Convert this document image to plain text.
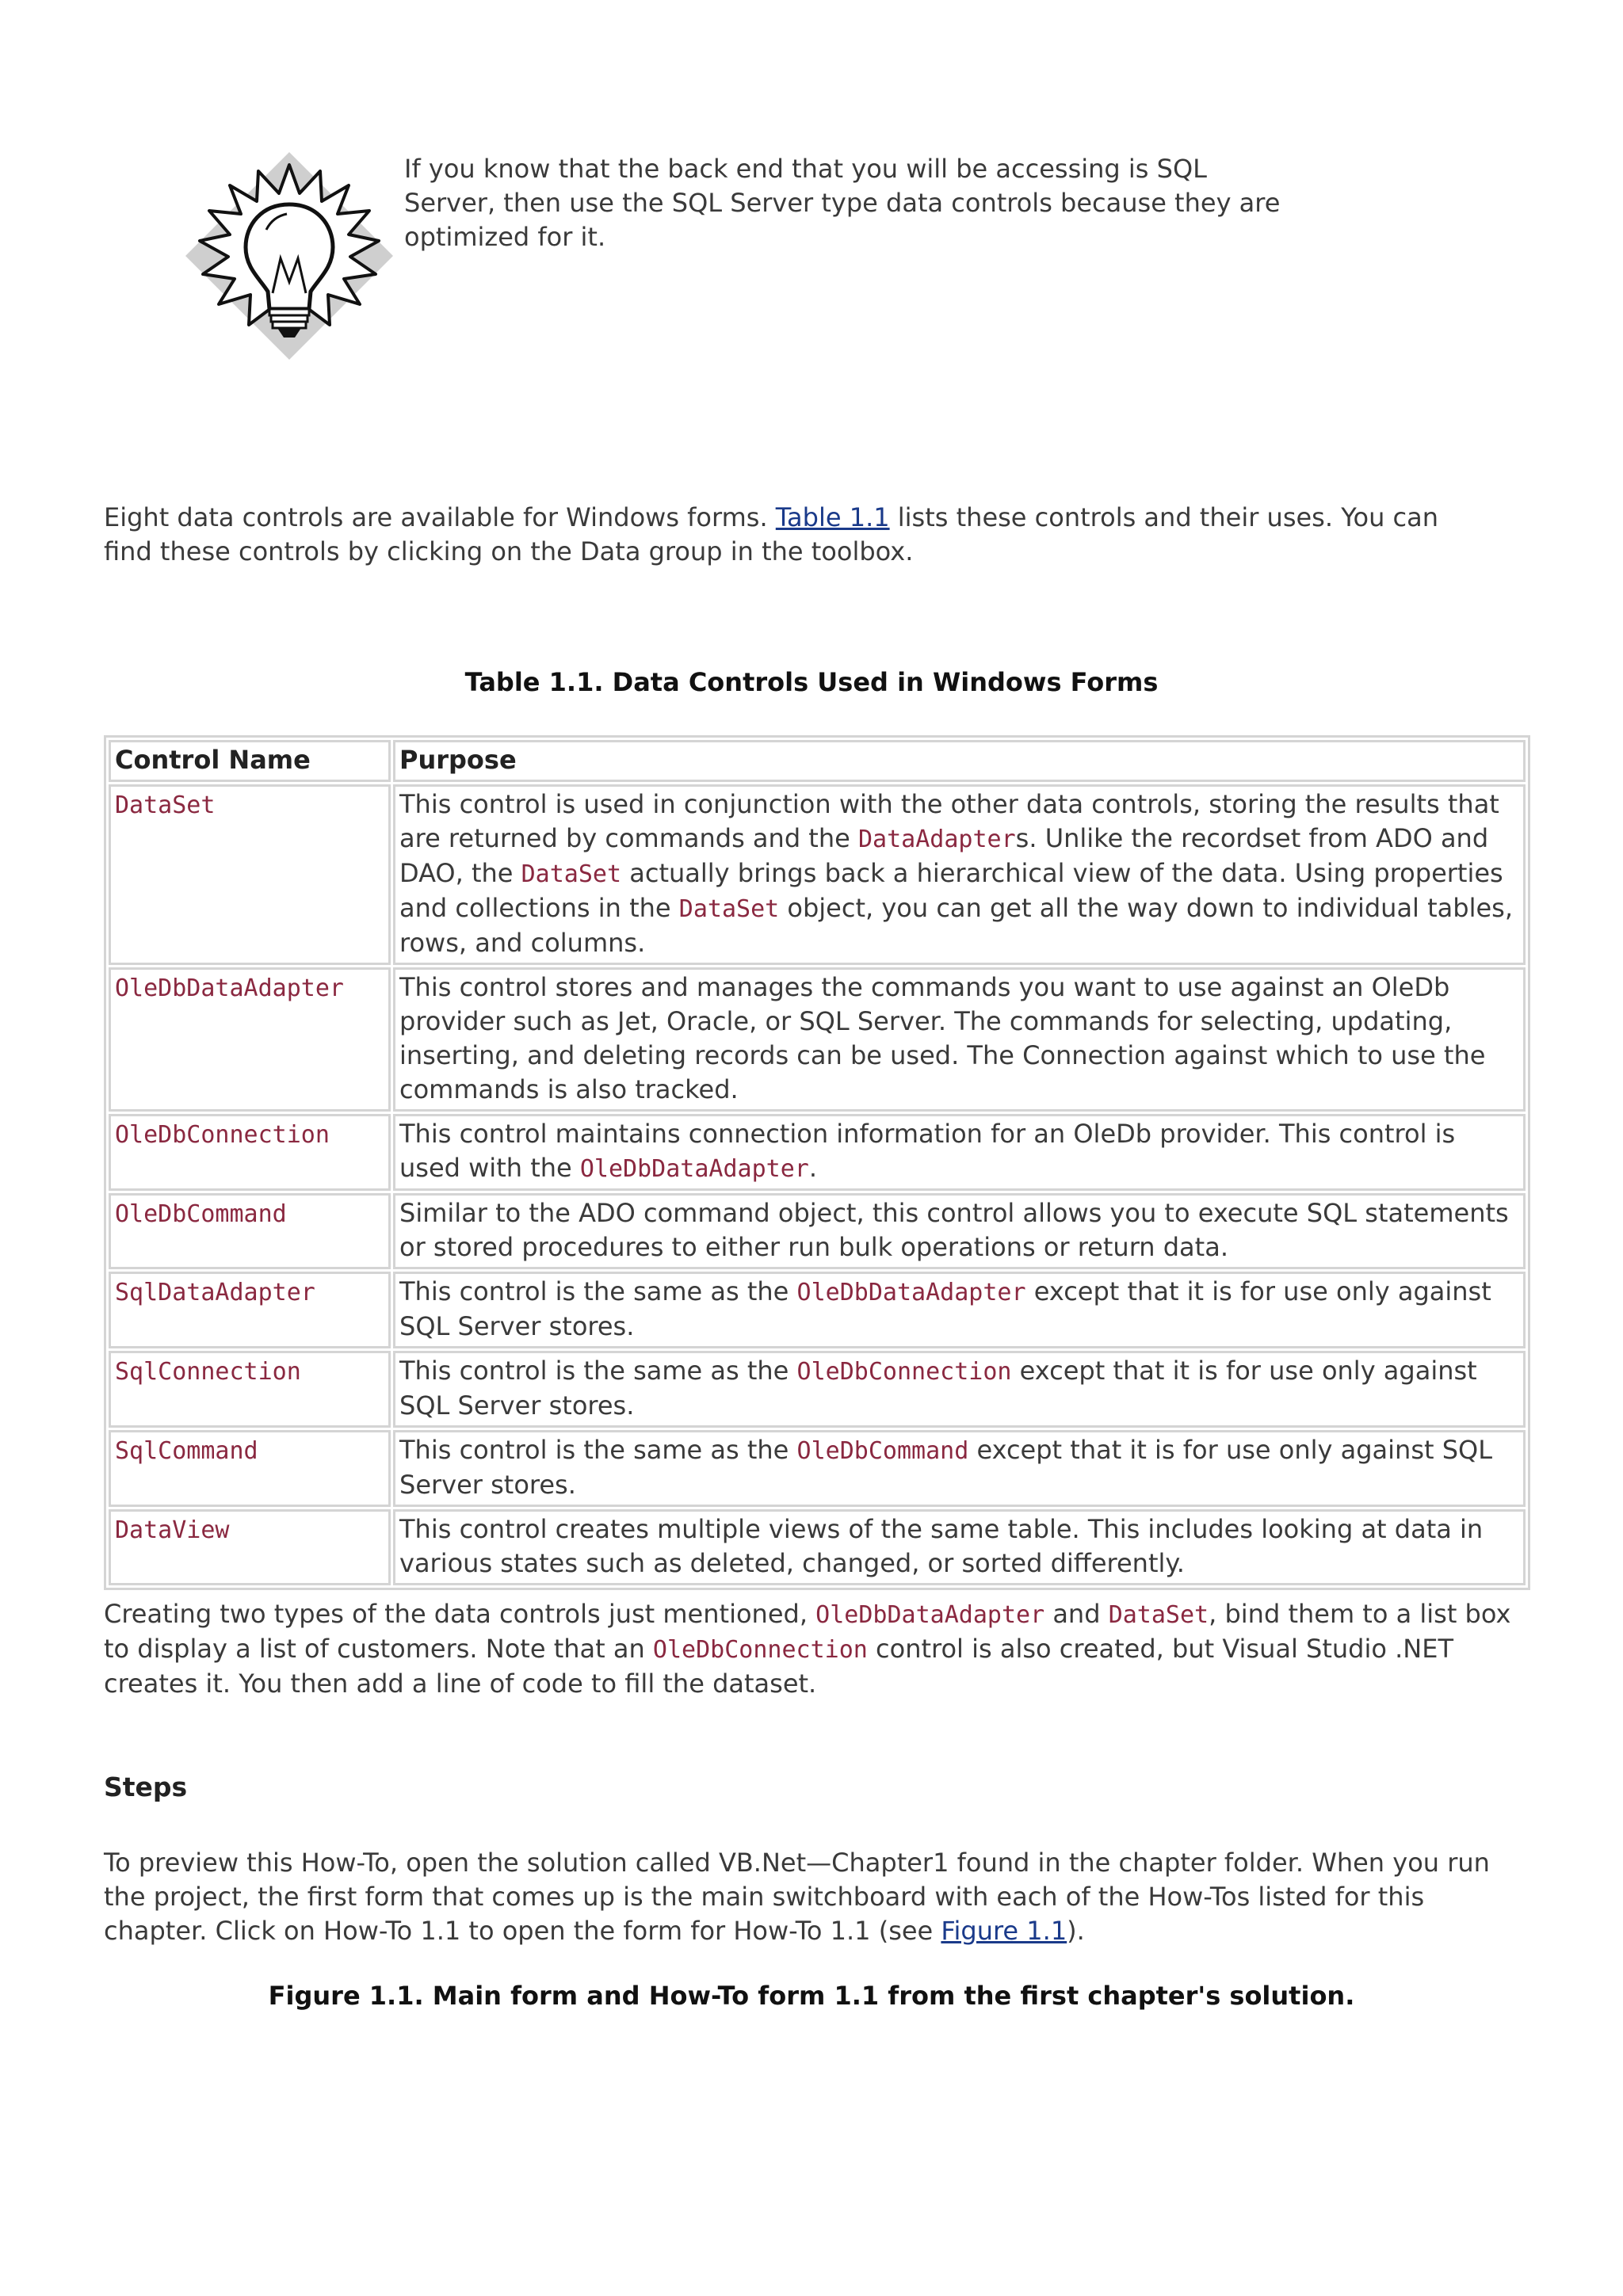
If you know that the back end that you will be accessing is SQL
Server, then use the SQL Server type data controls because they are
optimized for it.
Eight data controls are available for Windows forms. Table 1.1 lists these controls and their uses. You can
find these controls by clicking on the Data group in the toolbox.
Table 1.1. Data Controls Used in Windows Forms
Control Name	Purpose
DataSet	This control is used in conjunction with the other data controls, storing the results that are returned by commands and the DataAdapters. Unlike the recordset from ADO and DAO, the DataSet actually brings back a hierarchical view of the data. Using properties and collections in the DataSet object, you can get all the way down to individual tables, rows, and columns.
OleDbDataAdapter	This control stores and manages the commands you want to use against an OleDb provider such as Jet, Oracle, or SQL Server. The commands for selecting, updating, inserting, and deleting records can be used. The Connection against which to use the commands is also tracked.
OleDbConnection	This control maintains connection information for an OleDb provider. This control is used with the OleDbDataAdapter.
OleDbCommand	Similar to the ADO command object, this control allows you to execute SQL statements or stored procedures to either run bulk operations or return data.
SqlDataAdapter	This control is the same as the OleDbDataAdapter except that it is for use only against SQL Server stores.
SqlConnection	This control is the same as the OleDbConnection except that it is for use only against SQL Server stores.
SqlCommand	This control is the same as the OleDbCommand except that it is for use only against SQL Server stores.
DataView	This control creates multiple views of the same table. This includes looking at data in various states such as deleted, changed, or sorted differently.
Creating two types of the data controls just mentioned, OleDbDataAdapter and DataSet, bind them to a list box to display a list of customers. Note that an OleDbConnection control is also created, but Visual Studio .NET creates it. You then add a line of code to fill the dataset.
Steps
To preview this How-To, open the solution called VB.Net—Chapter1 found in the chapter folder. When you run the project, the first form that comes up is the main switchboard with each of the How-Tos listed for this chapter. Click on How-To 1.1 to open the form for How-To 1.1 (see Figure 1.1).
Figure 1.1. Main form and How-To form 1.1 from the first chapter's solution.
